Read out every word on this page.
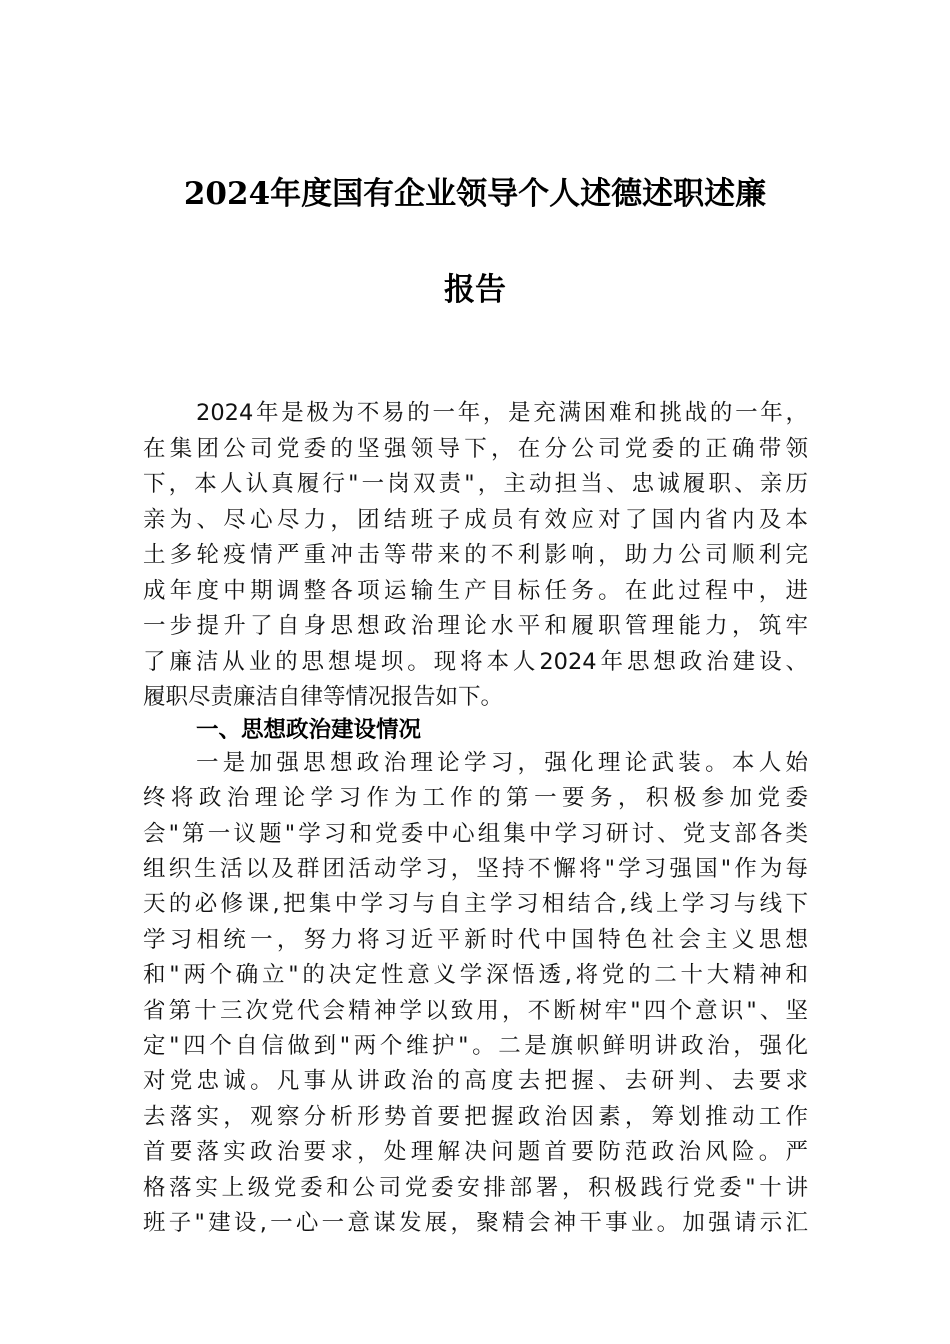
2024年度国有企业领导个人述德述职述廉
报告
2024年是极为不易的一年，是充满困难和挑战的一年，
在集团公司党委的坚强领导下，在分公司党委的正确带领
下，本人认真履行"一岗双责"，主动担当、忠诚履职、亲历
亲为、尽心尽力，团结班子成员有效应对了国内省内及本
土多轮疫情严重冲击等带来的不利影响，助力公司顺利完
成年度中期调整各项运输生产目标任务。在此过程中，进
一步提升了自身思想政治理论水平和履职管理能力，筑牢
了廉洁从业的思想堤坝。现将本人2024年思想政治建设、
履职尽责廉洁自律等情况报告如下。
一、思想政治建设情况
一是加强思想政治理论学习，强化理论武装。本人始
终将政治理论学习作为工作的第一要务，积极参加党委
会"第一议题"学习和党委中心组集中学习研讨、党支部各类
组织生活以及群团活动学习，坚持不懈将"学习强国"作为每
天的必修课,把集中学习与自主学习相结合,线上学习与线下
学习相统一，努力将习近平新时代中国特色社会主义思想
和"两个确立"的决定性意义学深悟透,将党的二十大精神和
省第十三次党代会精神学以致用，不断树牢"四个意识"、坚
定"四个自信做到"两个维护"。二是旗帜鲜明讲政治，强化
对党忠诚。凡事从讲政治的高度去把握、去研判、去要求
去落实，观察分析形势首要把握政治因素，筹划推动工作
首要落实政治要求，处理解决问题首要防范政治风险。严
格落实上级党委和公司党委安排部署，积极践行党委"十讲
班子"建设,一心一意谋发展，聚精会神干事业。加强请示汇
